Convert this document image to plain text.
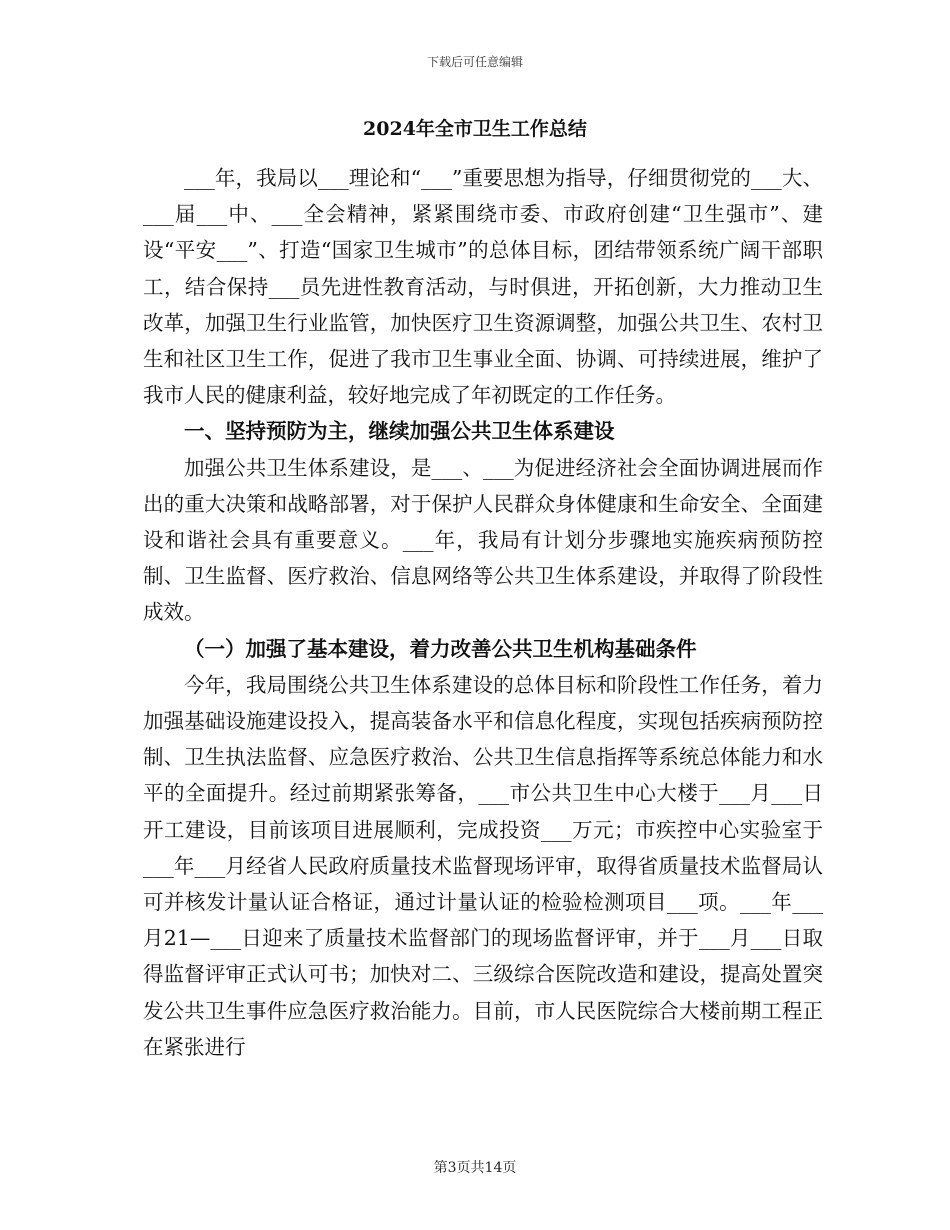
下载后可任意编辑
2024年全市卫生工作总结

___年，我局以___理论和“___”重要思想为指导，仔细贯彻党的___大、___届___中、___全会精神，紧紧围绕市委、市政府创建“卫生强市”、建设“平安___”、打造“国家卫生城市”的总体目标，团结带领系统广阔干部职工，结合保持___员先进性教育活动，与时俱进，开拓创新，大力推动卫生改革，加强卫生行业监管，加快医疗卫生资源调整，加强公共卫生、农村卫生和社区卫生工作，促进了我市卫生事业全面、协调、可持续进展，维护了我市人民的健康利益，较好地完成了年初既定的工作任务。

一、坚持预防为主，继续加强公共卫生体系建设

加强公共卫生体系建设，是___、___为促进经济社会全面协调进展而作出的重大决策和战略部署，对于保护人民群众身体健康和生命安全、全面建设和谐社会具有重要意义。___年，我局有计划分步骤地实施疾病预防控制、卫生监督、医疗救治、信息网络等公共卫生体系建设，并取得了阶段性成效。

（一）加强了基本建设，着力改善公共卫生机构基础条件

今年，我局围绕公共卫生体系建设的总体目标和阶段性工作任务，着力加强基础设施建设投入，提高装备水平和信息化程度，实现包括疾病预防控制、卫生执法监督、应急医疗救治、公共卫生信息指挥等系统总体能力和水平的全面提升。经过前期紧张筹备，___市公共卫生中心大楼于___月___日开工建设，目前该项目进展顺利，完成投资___万元；市疾控中心实验室于___年___月经省人民政府质量技术监督现场评审，取得省质量技术监督局认可并核发计量认证合格证，通过计量认证的检验检测项目___项。___年___月21—___日迎来了质量技术监督部门的现场监督评审，并于___月___日取得监督评审正式认可书；加快对二、三级综合医院改造和建设，提高处置突发公共卫生事件应急医疗救治能力。目前，市人民医院综合大楼前期工程正在紧张进行

第3页共14页
